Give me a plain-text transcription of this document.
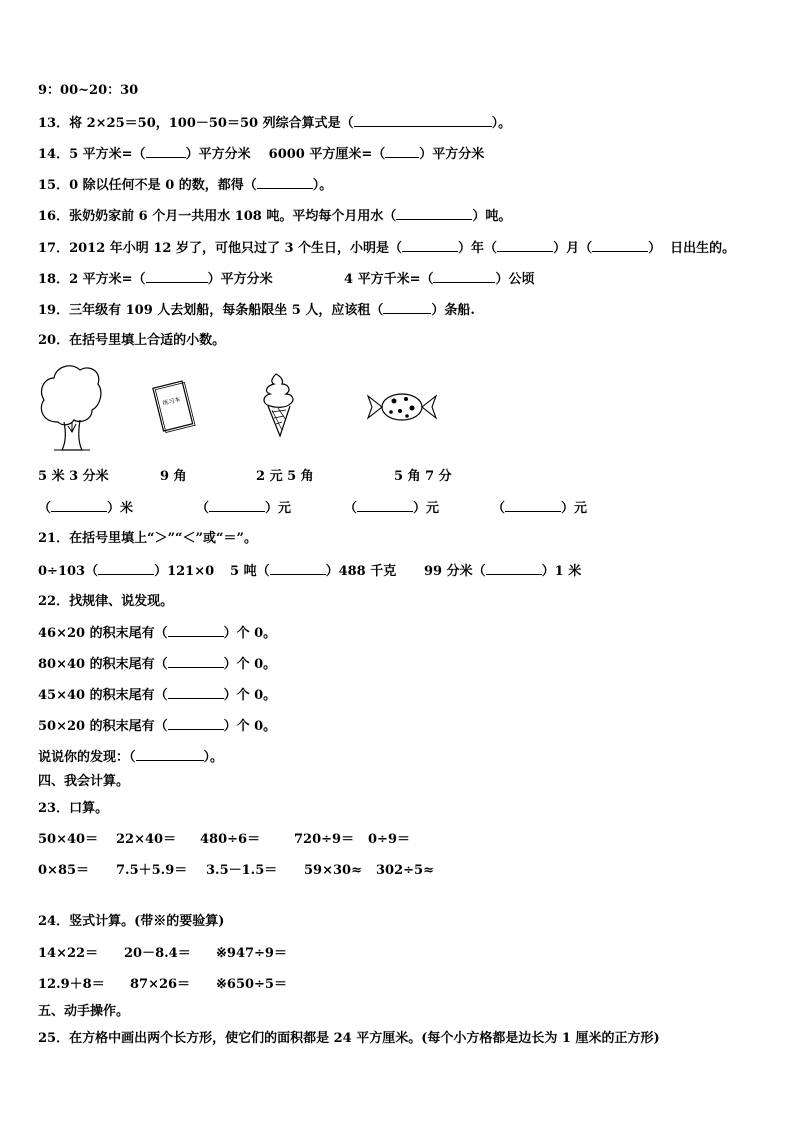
9：00~20：30
13．将 2×25＝50，100－50＝50 列综合算式是（	）。
14．5 平方米=（	）平方分米    6000 平方厘米=（	）平方分米
15．0 除以任何不是 0 的数，都得（	）。
16．张奶奶家前 6 个月一共用水 108 吨。平均每个月用水（	）吨。
17．2012 年小明 12 岁了，可他只过了 3 个生日，小明是（	）年（	）月（	）  日出生的。
18．2 平方米=（	）平方分米	4 平方千米=（	）公顷
19．三年级有 109 人去划船，每条船限坐 5 人，应该租（	）条船.
20．在括号里填上合适的小数。
练习本
5 米 3 分米	9 角	2 元 5 角	5 角 7 分
（	）米	（	）元	（	）元	（	）元
21．在括号里填上“＞”“＜”或“＝”。
0÷103（	）121×0 5 吨（	）488 千克 99 分米（	）1 米
22．找规律、说发现。
46×20 的积末尾有（	）个 0。
80×40 的积末尾有（	）个 0。
45×40 的积末尾有（	）个 0。
50×20 的积末尾有（	）个 0。
说说你的发现：（	）。
四、我会计算。
23．口算。
50×40＝ 22×40＝ 480÷6＝	720÷9＝ 0÷9＝
0×85＝ 7.5＋5.9＝ 3.5－1.5＝ 59×30≈ 302÷5≈
24．竖式计算。(带※的要验算)
14×22＝ 20－8.4＝ ※947÷9＝
12.9＋8＝ 87×26＝ ※650÷5＝
五、动手操作。
25．在方格中画出两个长方形，使它们的面积都是 24 平方厘米。(每个小方格都是边长为 1 厘米的正方形)
